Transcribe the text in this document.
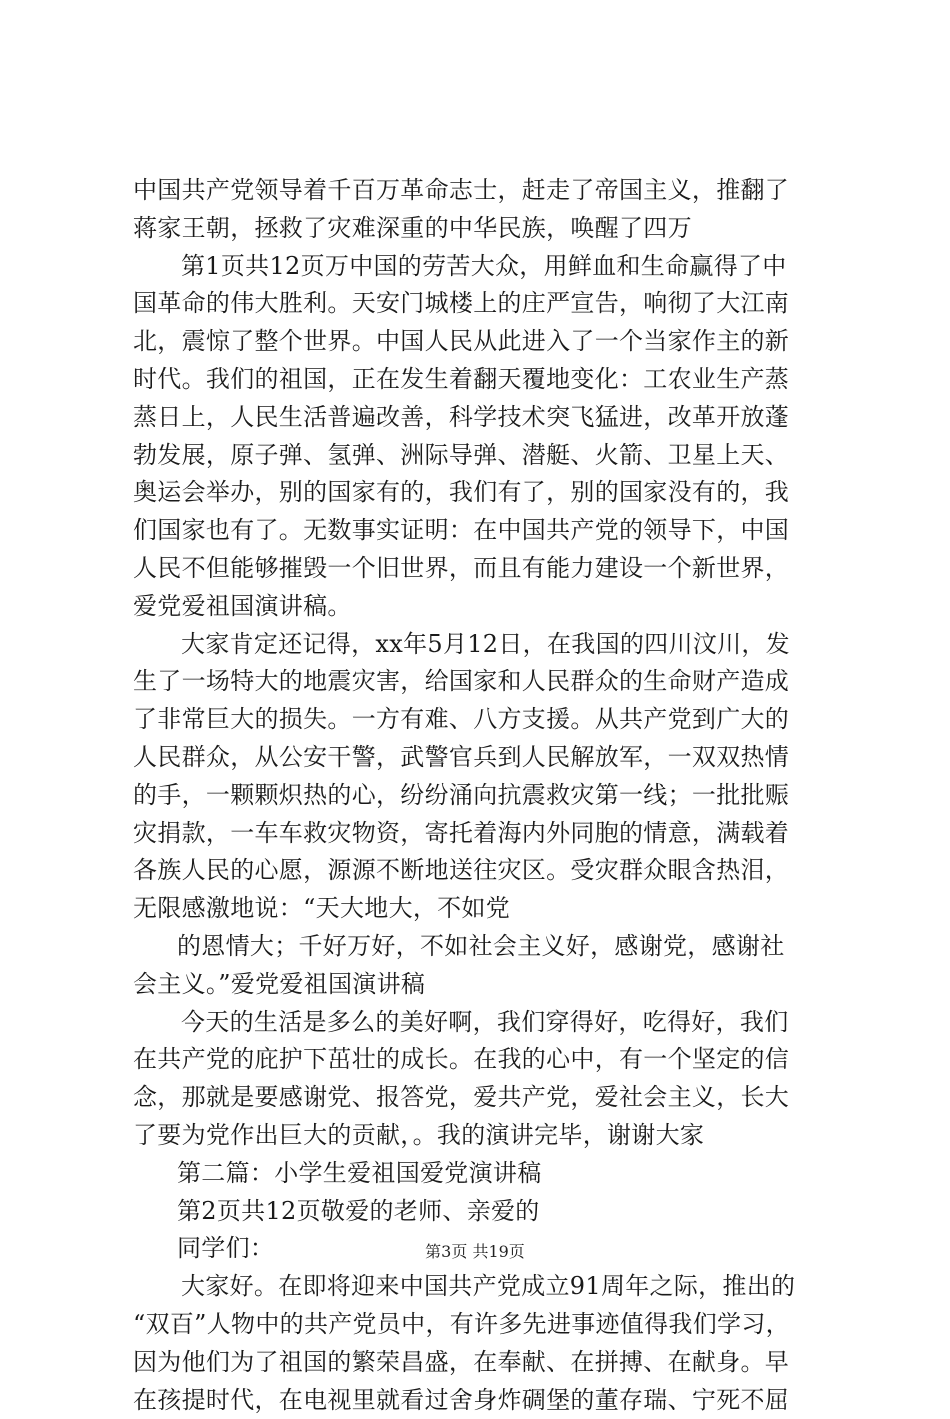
中国共产党领导着千百万革命志士，赶走了帝国主义，推翻了
蒋家王朝，拯救了灾难深重的中华民族，唤醒了四万
第1页共12页万中国的劳苦大众，用鲜血和生命赢得了中
国革命的伟大胜利。天安门城楼上的庄严宣告，响彻了大江南
北，震惊了整个世界。中国人民从此进入了一个当家作主的新
时代。我们的祖国，正在发生着翻天覆地变化：工农业生产蒸
蒸日上，人民生活普遍改善，科学技术突飞猛进，改革开放蓬
勃发展，原子弹、氢弹、洲际导弹、潜艇、火箭、卫星上天、
奥运会举办，别的国家有的，我们有了，别的国家没有的，我
们国家也有了。无数事实证明：在中国共产党的领导下，中国
人民不但能够摧毁一个旧世界，而且有能力建设一个新世界，
爱党爱祖国演讲稿。
大家肯定还记得，xx年5月12日，在我国的四川汶川，发
生了一场特大的地震灾害，给国家和人民群众的生命财产造成
了非常巨大的损失。一方有难、八方支援。从共产党到广大的
人民群众，从公安干警，武警官兵到人民解放军，一双双热情
的手，一颗颗炽热的心，纷纷涌向抗震救灾第一线；一批批赈
灾捐款，一车车救灾物资，寄托着海内外同胞的情意，满载着
各族人民的心愿，源源不断地送往灾区。受灾群众眼含热泪，
无限感激地说：“天大地大，不如党
的恩情大；千好万好，不如社会主义好，感谢党，感谢社
会主义。”爱党爱祖国演讲稿
今天的生活是多么的美好啊，我们穿得好，吃得好，我们
在共产党的庇护下茁壮的成长。在我的心中，有一个坚定的信
念，那就是要感谢党、报答党，爱共产党，爱社会主义，长大
了要为党作出巨大的贡献，。我的演讲完毕，谢谢大家
第二篇：小学生爱祖国爱党演讲稿
第2页共12页敬爱的老师、亲爱的
同学们：
大家好。在即将迎来中国共产党成立91周年之际，推出的
“双百”人物中的共产党员中，有许多先进事迹值得我们学习，
因为他们为了祖国的繁荣昌盛，在奉献、在拼搏、在献身。早
在孩提时代，在电视里就看过舍身炸碉堡的董存瑞、宁死不屈
第3页 共19页
